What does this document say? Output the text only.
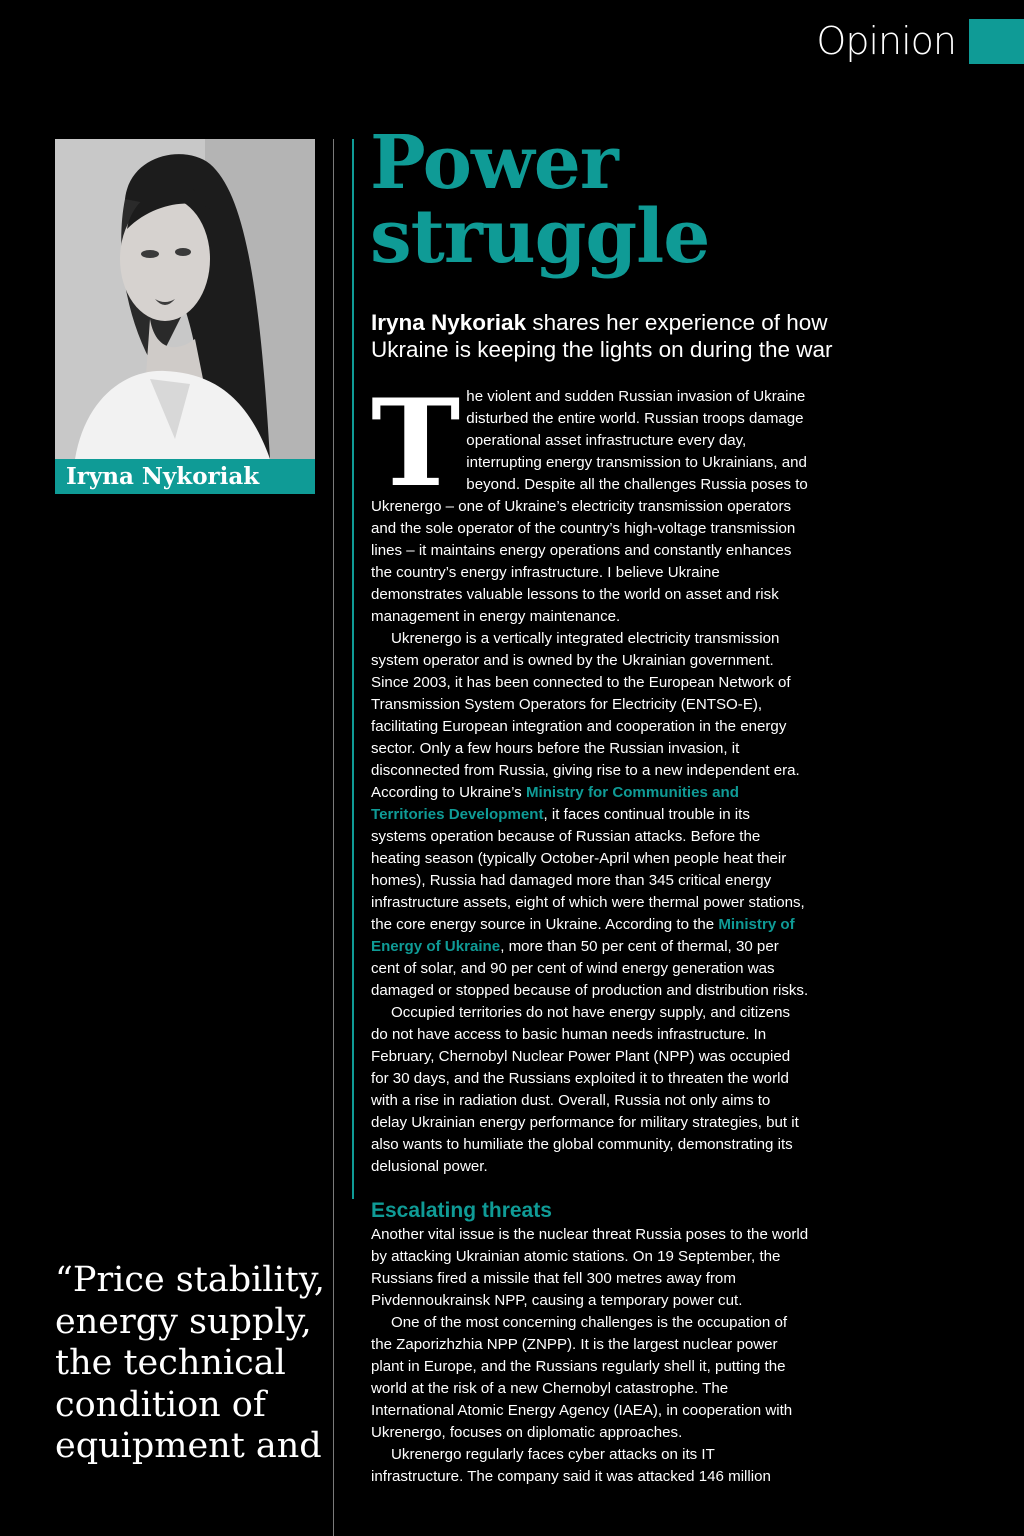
Opinion
Iryna Nykoriak
Power
struggle
Iryna Nykoriak shares her experience of how Ukraine is keeping the lights on during the war
T he violent and sudden Russian invasion of Ukraine disturbed the entire world. Russian troops damage operational asset infrastructure every day, interrupting energy transmission to Ukrainians, and beyond. Despite all the challenges Russia poses to Ukrenergo – one of Ukraine’s electricity transmission operators and the sole operator of the country’s high-voltage transmission lines – it maintains energy operations and constantly enhances the country’s energy infrastructure. I believe Ukraine demonstrates valuable lessons to the world on asset and risk management in energy maintenance.

Ukrenergo is a vertically integrated electricity transmission system operator and is owned by the Ukrainian government. Since 2003, it has been connected to the European Network of Transmission System Operators for Electricity (ENTSO-E), facilitating European integration and cooperation in the energy sector. Only a few hours before the Russian invasion, it disconnected from Russia, giving rise to a new independent era. According to Ukraine’s Ministry for Communities and Territories Development, it faces continual trouble in its systems operation because of Russian attacks. Before the heating season (typically October-April when people heat their homes), Russia had damaged more than 345 critical energy infrastructure assets, eight of which were thermal power stations, the core energy source in Ukraine. According to the Ministry of Energy of Ukraine, more than 50 per cent of thermal, 30 per cent of solar, and 90 per cent of wind energy generation was damaged or stopped because of production and distribution risks.

Occupied territories do not have energy supply, and citizens do not have access to basic human needs infrastructure. In February, Chernobyl Nuclear Power Plant (NPP) was occupied for 30 days, and the Russians exploited it to threaten the world with a rise in radiation dust. Overall, Russia not only aims to delay Ukrainian energy performance for military strategies, but it also wants to humiliate the global community, demonstrating its delusional power.

Escalating threats

Another vital issue is the nuclear threat Russia poses to the world by attacking Ukrainian atomic stations. On 19 September, the Russians fired a missile that fell 300 metres away from Pivdennoukrainsk NPP, causing a temporary power cut.

One of the most concerning challenges is the occupation of the Zaporizhzhia NPP (ZNPP). It is the largest nuclear power plant in Europe, and the Russians regularly shell it, putting the world at the risk of a new Chernobyl catastrophe. The International Atomic Energy Agency (IAEA), in cooperation with Ukrenergo, focuses on diplomatic approaches.

Ukrenergo regularly faces cyber attacks on its IT infrastructure. The company said it was attacked 146 million

“Price stability, energy supply, the technical condition of equipment and
